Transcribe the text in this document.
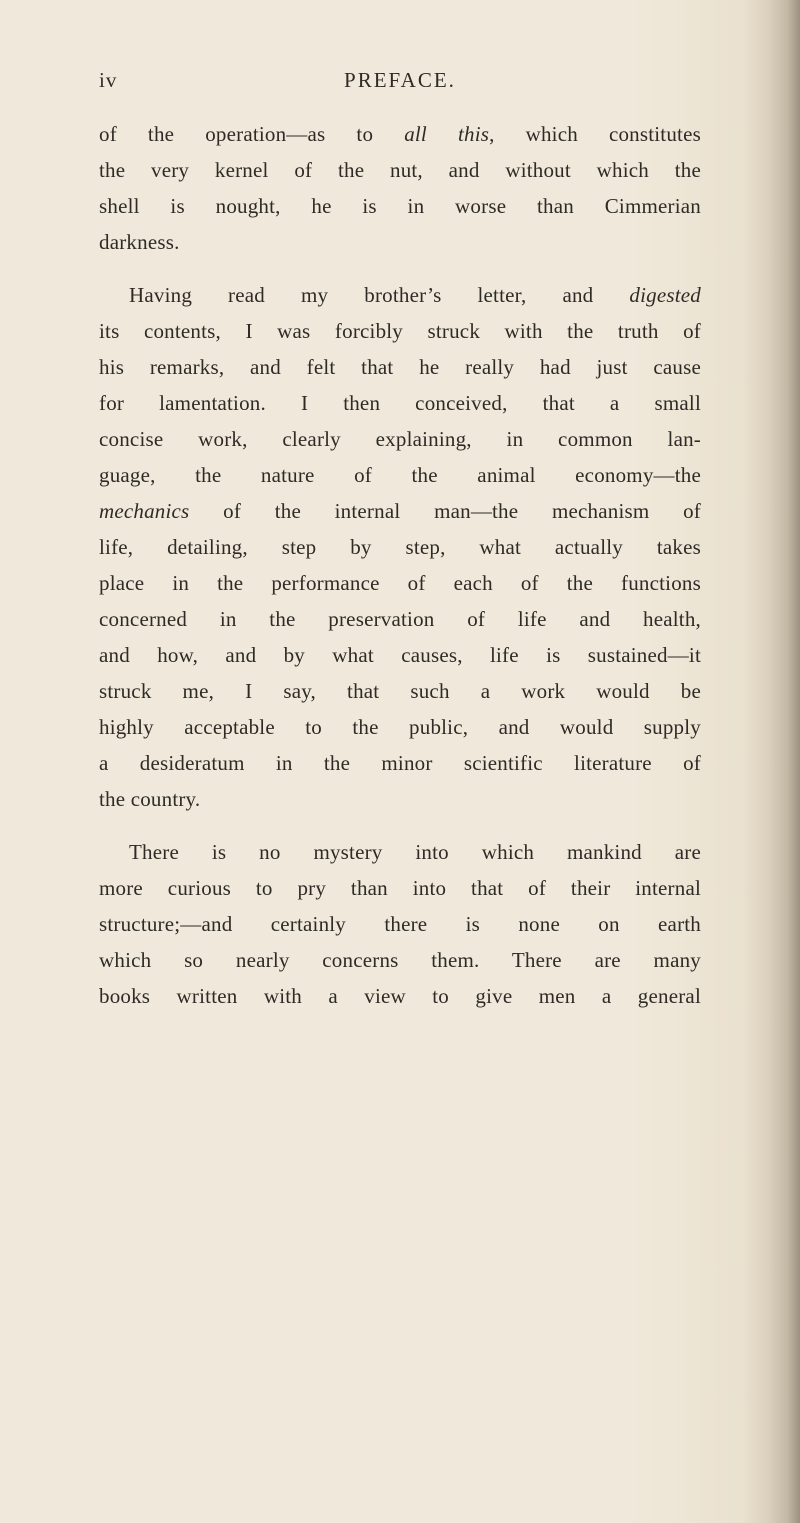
iv	PREFACE.
of the operation—as to all this, which constitutes
the very kernel of the nut, and without which the
shell is nought, he is in worse than Cimmerian
darkness.
Having read my brother’s letter, and digested
its contents, I was forcibly struck with the truth of
his remarks, and felt that he really had just cause
for lamentation. I then conceived, that a small
concise work, clearly explaining, in common lan-
guage, the nature of the animal economy—the
mechanics of the internal man—the mechanism of
life, detailing, step by step, what actually takes
place in the performance of each of the functions
concerned in the preservation of life and health,
and how, and by what causes, life is sustained—it
struck me, I say, that such a work would be
highly acceptable to the public, and would supply
a desideratum in the minor scientific literature of
the country.
There is no mystery into which mankind are
more curious to pry than into that of their internal
structure;—and certainly there is none on earth
which so nearly concerns them. There are many
books written with a view to give men a general
